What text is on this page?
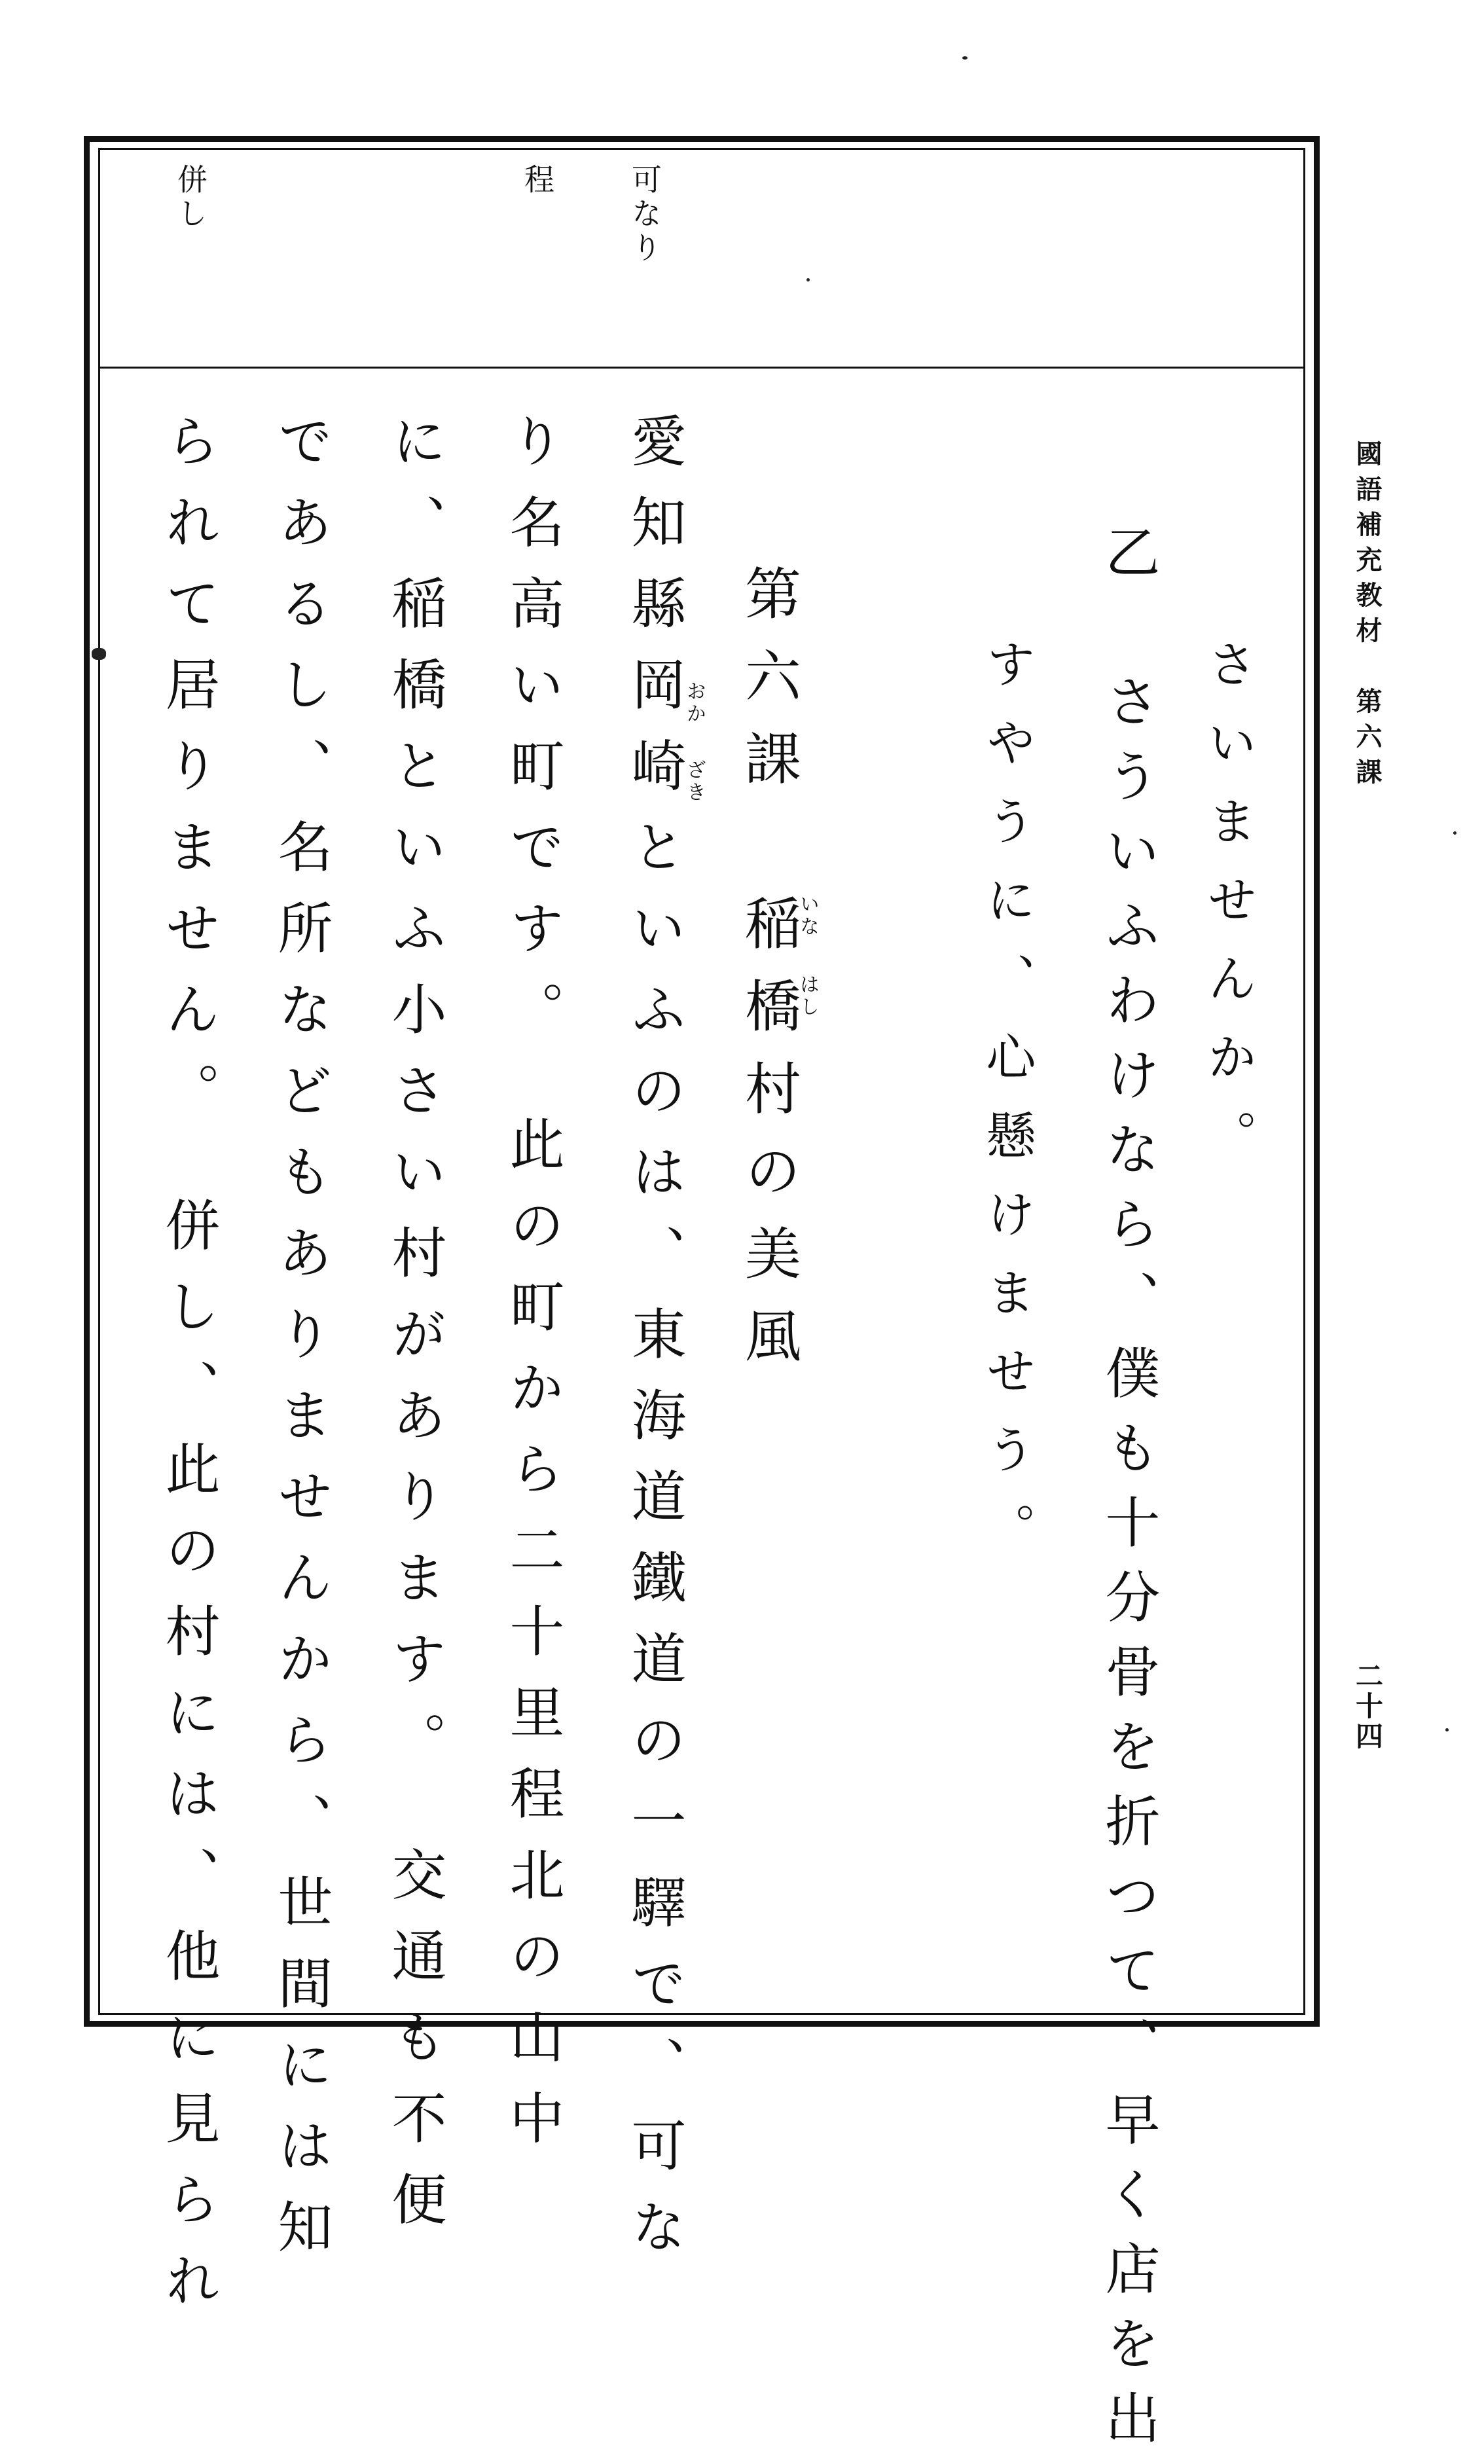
可なり
程
併し
さいませんか。
乙　さういふわけなら、僕も十分骨を折つて、早く店を出
すやうに、心懸けませう。
第六課　稲橋村の美風
愛知縣岡崎といふのは、東海道鐵道の一驛で、可な
り名高い町です。　此の町から二十里程北の山中
に、稲橋といふ小さい村があります。　交通も不便
であるし、名所などもありませんから、世間には知
られて居りません。　併し、此の村には、他に見られ	いな
はし
おか
ざき	國語補充教材　第六課
二十四
